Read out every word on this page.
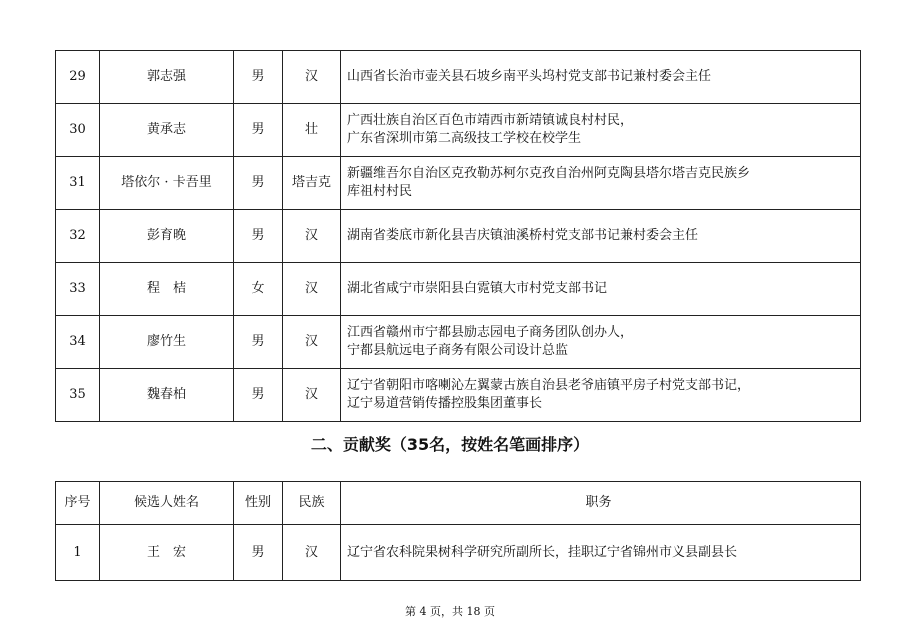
29	郭志强	男	汉	山西省长治市壶关县石坡乡南平头坞村党支部书记兼村委会主任

30	黄承志	男	壮	广西壮族自治区百色市靖西市新靖镇诚良村村民，
广东省深圳市第二高级技工学校在校学生

31	塔依尔 · 卡吾里	男	塔吉克	新疆维吾尔自治区克孜勒苏柯尔克孜自治州阿克陶县塔尔塔吉克民族乡
库祖村村民

32	彭育晚	男	汉	湖南省娄底市新化县吉庆镇油溪桥村党支部书记兼村委会主任

33	程　桔	女	汉	湖北省咸宁市崇阳县白霓镇大市村党支部书记

34	廖竹生	男	汉	江西省赣州市宁都县励志园电子商务团队创办人，
宁都县航远电子商务有限公司设计总监

35	魏春柏	男	汉	辽宁省朝阳市喀喇沁左翼蒙古族自治县老爷庙镇平房子村党支部书记，
辽宁易道营销传播控股集团董事长
二、贡献奖（35名，按姓名笔画排序）
序号	候选人姓名	性别	民族	职务
1	王　宏	男	汉	辽宁省农科院果树科学研究所副所长，挂职辽宁省锦州市义县副县长
第 4 页，共 18 页
